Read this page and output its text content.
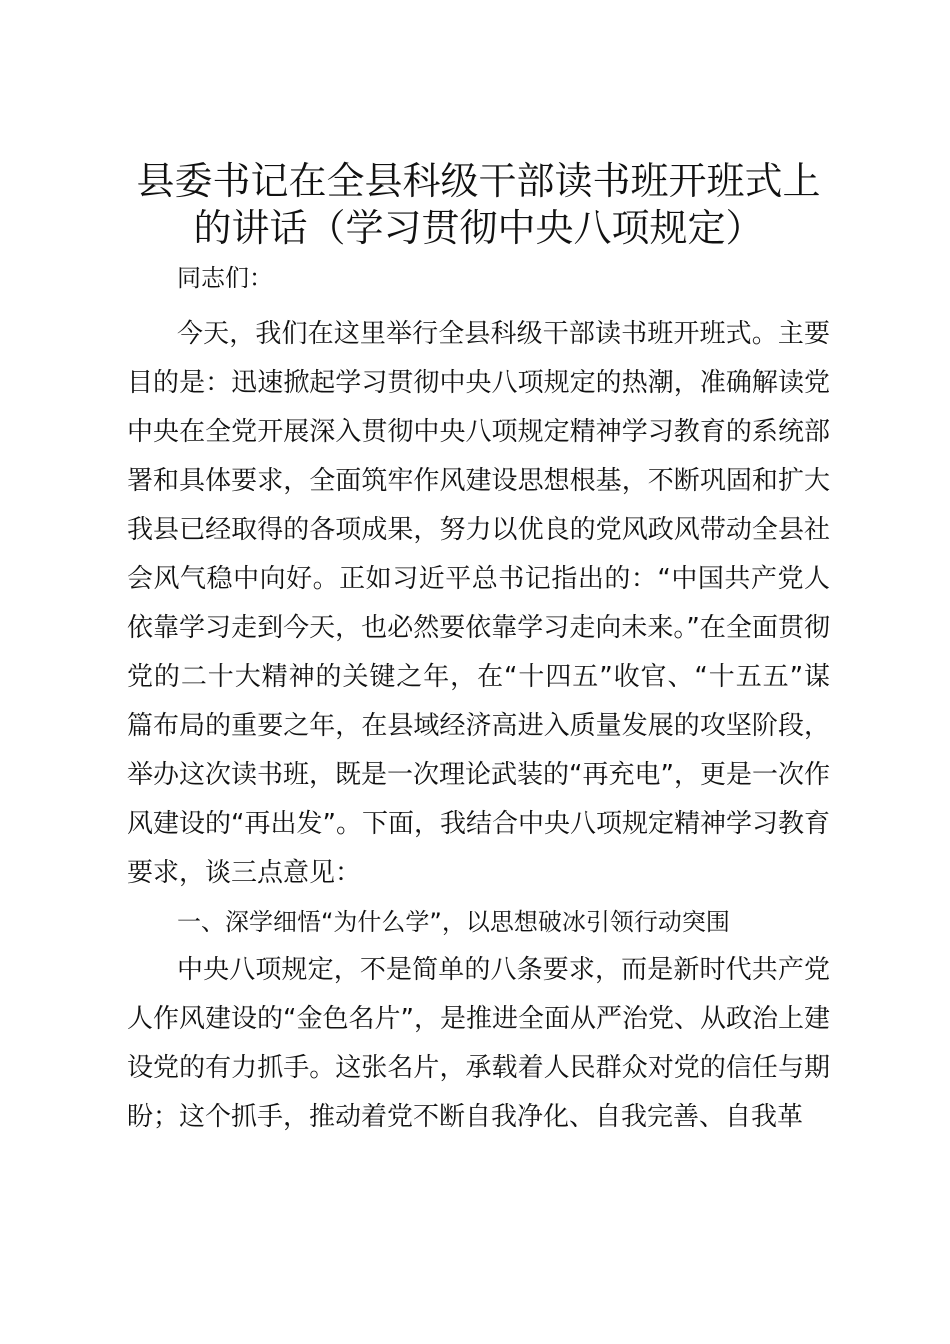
县委书记在全县科级干部读书班开班式上的讲话（学习贯彻中央八项规定）

同志们：

今天，我们在这里举行全县科级干部读书班开班式。主要目的是：迅速掀起学习贯彻中央八项规定的热潮，准确解读党中央在全党开展深入贯彻中央八项规定精神学习教育的系统部署和具体要求，全面筑牢作风建设思想根基，不断巩固和扩大我县已经取得的各项成果，努力以优良的党风政风带动全县社会风气稳中向好。正如习近平总书记指出的：“中国共产党人依靠学习走到今天，也必然要依靠学习走向未来。”在全面贯彻党的二十大精神的关键之年，在“十四五”收官、“十五五”谋篇布局的重要之年，在县域经济高进入质量发展的攻坚阶段，举办这次读书班，既是一次理论武装的“再充电”，更是一次作风建设的“再出发”。下面，我结合中央八项规定精神学习教育要求，谈三点意见：

一、深学细悟“为什么学”，以思想破冰引领行动突围

中央八项规定，不是简单的八条要求，而是新时代共产党人作风建设的“金色名片”，是推进全面从严治党、从政治上建设党的有力抓手。这张名片，承载着人民群众对党的信任与期盼；这个抓手，推动着党不断自我净化、自我完善、自我革
